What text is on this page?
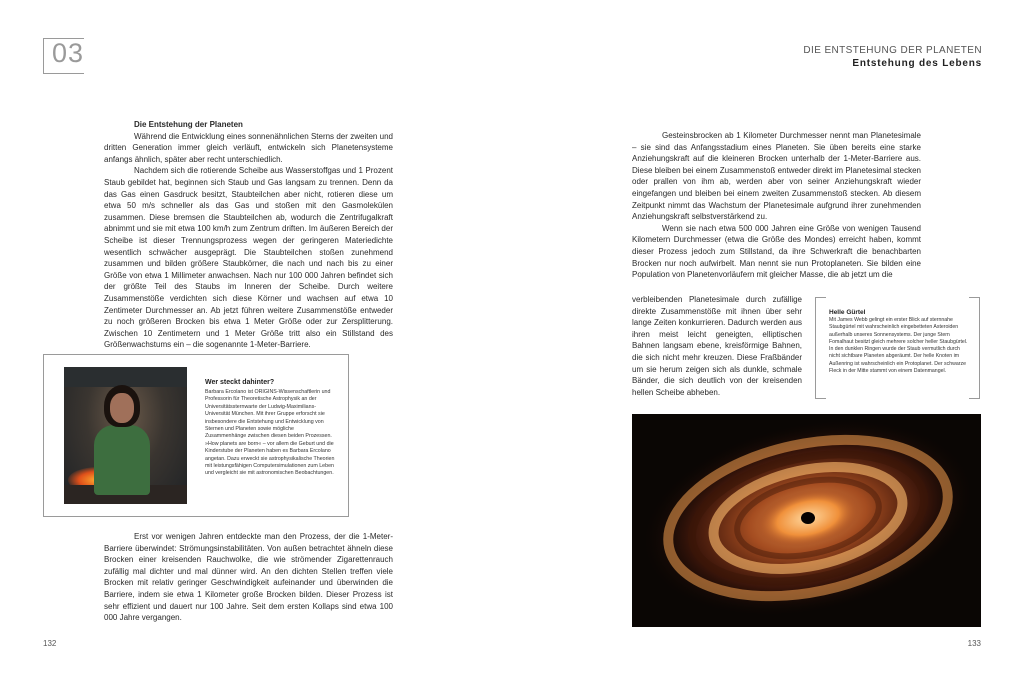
03	DIE ENTSTEHUNG DER PLANETEN
Entstehung des Lebens
Die Entstehung der Planeten

Während die Entwicklung eines sonnenähnlichen Sterns der zweiten und dritten Generation immer gleich verläuft, entwickeln sich Planetensysteme anfangs ähnlich, später aber recht unterschiedlich.

Nachdem sich die rotierende Scheibe aus Wasserstoffgas und 1 Prozent Staub gebildet hat, beginnen sich Staub und Gas langsam zu trennen. Denn da das Gas einen Gasdruck besitzt, Staubteilchen aber nicht, rotieren diese um etwa 50 m/s schneller als das Gas und stoßen mit den Gasmolekülen zusammen. Diese bremsen die Staubteilchen ab, wodurch die Zentrifugalkraft abnimmt und sie mit etwa 100 km/h zum Zentrum driften. Im äußeren Bereich der Scheibe ist dieser Trennungsprozess wegen der geringeren Materiedichte wesentlich schwächer ausgeprägt. Die Staubteilchen stoßen zunehmend zusammen und bilden größere Staubkörner, die nach und nach bis zu einer Größe von etwa 1 Millimeter anwachsen. Nach nur 100 000 Jahren befindet sich der größte Teil des Staubs im Inneren der Scheibe. Durch weitere Zusammenstöße verdichten sich diese Körner und wachsen auf etwa 10 Zentimeter Durchmesser an. Ab jetzt führen weitere Zusammenstöße entweder zu noch größeren Brocken bis etwa 1 Meter Größe oder zur Zersplitterung. Zwischen 10 Zentimetern und 1 Meter Größe tritt also ein Stillstand des Größenwachstums ein – die sogenannte 1-Meter-Barriere.

Wer steckt dahinter?
Barbara Ercolano ist ORIGINS-Wissenschaftlerin und Professorin für Theoretische Astrophysik an der Universitätssternwarte der Ludwig-Maximilians-Universität München. Mit ihrer Gruppe erforscht sie insbesondere die Entstehung und Entwicklung von Sternen und Planeten sowie mögliche Zusammenhänge zwischen diesen beiden Prozessen. »How planets are born« – vor allem die Geburt und die Kinderstube der Planeten haben es Barbara Ercolano angetan. Dazu erweckt sie astrophysikalische Theorien mit leistungsfähigen Computersimulationen zum Leben und vergleicht sie mit astronomischen Beobachtungen.

Erst vor wenigen Jahren entdeckte man den Prozess, der die 1-Meter-Barriere überwindet: Strömungsinstabilitäten. Von außen betrachtet ähneln diese Brocken einer kreisenden Rauchwolke, die wie strömender Zigarettenrauch zufällig mal dichter und mal dünner wird. An den dichten Stellen treffen viele Brocken mit relativ geringer Geschwindigkeit aufeinander und überwinden die Barriere, indem sie etwa 1 Kilometer große Brocken bilden. Dieser Prozess ist sehr effizient und dauert nur 100 Jahre. Seit dem ersten Kollaps sind etwa 100 000 Jahre vergangen.

132

Gesteinsbrocken ab 1 Kilometer Durchmesser nennt man Planetesimale – sie sind das Anfangsstadium eines Planeten. Sie üben bereits eine starke Anziehungskraft auf die kleineren Brocken unterhalb der 1-Meter-Barriere aus. Diese bleiben bei einem Zusammenstoß entweder direkt im Planetesimal stecken oder prallen von ihm ab, werden aber von seiner Anziehungskraft wieder eingefangen und bleiben bei einem zweiten Zusammenstoß stecken. Ab diesem Zeitpunkt nimmt das Wachstum der Planetesimale aufgrund ihrer zunehmenden Anziehungskraft selbstverstärkend zu.

Wenn sie nach etwa 500 000 Jahren eine Größe von wenigen Tausend Kilometern Durchmesser (etwa die Größe des Mondes) erreicht haben, kommt dieser Prozess jedoch zum Stillstand, da ihre Schwerkraft die benachbarten Brocken nur noch aufwirbelt. Man nennt sie nun Protoplaneten. Sie bilden eine Population von Planetenvorläufern mit gleicher Masse, die ab jetzt um die

verbleibenden Planetesimale durch zufällige direkte Zusammenstöße mit ihnen über sehr lange Zeiten konkurrieren. Dadurch werden aus ihren meist leicht geneigten, elliptischen Bahnen langsam ebene, kreisförmige Bahnen, die sich nicht mehr kreuzen. Diese Fraßbänder um sie herum zeigen sich als dunkle, schmale Bänder, die sich deutlich von der kreisenden hellen Scheibe abheben.

Helle Gürtel
Mit James Webb gelingt ein erster Blick auf sternnahe Staubgürtel mit wahrscheinlich eingebetteten Asteroiden außerhalb unseres Sonnensystems. Der junge Stern Fomalhaut besitzt gleich mehrere solcher heller Staubgürtel. In den dunklen Ringen wurde der Staub vermutlich durch nicht sichtbare Planeten abgeräumt. Der helle Knoten im Außenring ist wahrscheinlich ein Protoplanet. Der schwarze Fleck in der Mitte stammt von einem Datenmangel.
133
